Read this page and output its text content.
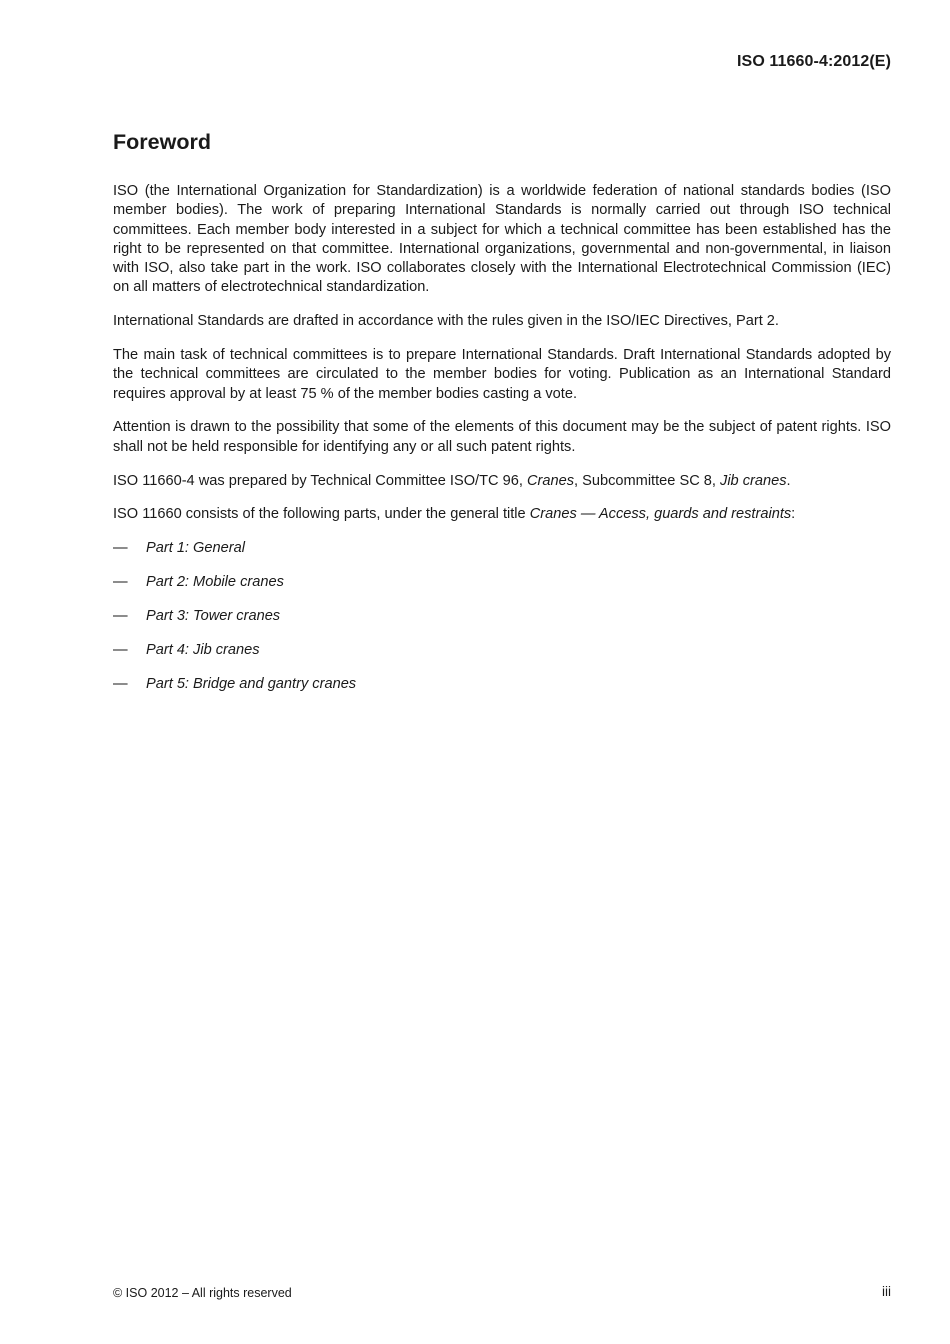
ISO 11660-4:2012(E)
Foreword

ISO (the International Organization for Standardization) is a worldwide federation of national standards bodies (ISO member bodies). The work of preparing International Standards is normally carried out through ISO technical committees. Each member body interested in a subject for which a technical committee has been established has the right to be represented on that committee. International organizations, governmental and non-governmental, in liaison with ISO, also take part in the work. ISO collaborates closely with the International Electrotechnical Commission (IEC) on all matters of electrotechnical standardization.

International Standards are drafted in accordance with the rules given in the ISO/IEC Directives, Part 2.

The main task of technical committees is to prepare International Standards. Draft International Standards adopted by the technical committees are circulated to the member bodies for voting. Publication as an International Standard requires approval by at least 75 % of the member bodies casting a vote.

Attention is drawn to the possibility that some of the elements of this document may be the subject of patent rights. ISO shall not be held responsible for identifying any or all such patent rights.

ISO 11660-4 was prepared by Technical Committee ISO/TC 96, Cranes, Subcommittee SC 8, Jib cranes.

ISO 11660 consists of the following parts, under the general title Cranes — Access, guards and restraints:

— Part 1: General
— Part 2: Mobile cranes
— Part 3: Tower cranes
— Part 4: Jib cranes
— Part 5: Bridge and gantry cranes
© ISO 2012 – All rights reserved	iii
